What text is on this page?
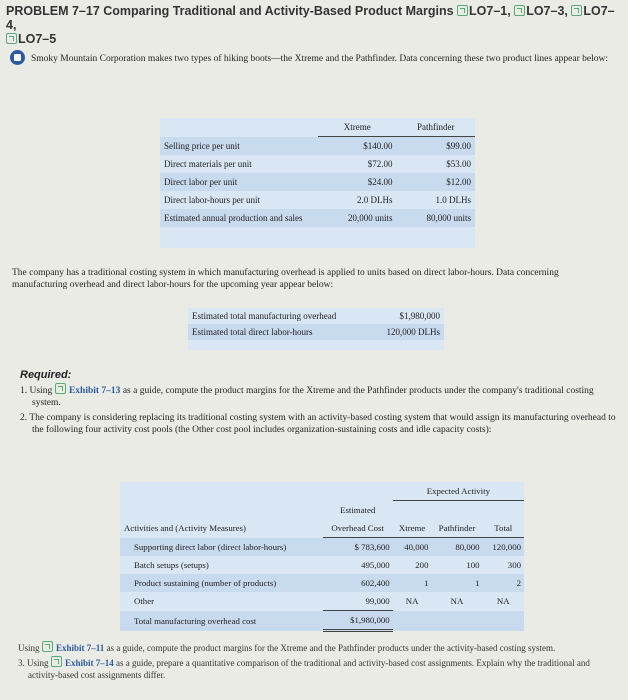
PROBLEM 7–17 Comparing Traditional and Activity-Based Product Margins LO7–1, LO7–3, LO7–4,
LO7–5
Smoky Mountain Corporation makes two types of hiking boots—the Xtreme and the Pathfinder. Data concerning these two product lines appear below:
	Xtreme	Pathfinder
Selling price per unit	$140.00	$99.00
Direct materials per unit	$72.00	$53.00
Direct labor per unit	$24.00	$12.00
Direct labor-hours per unit	2.0 DLHs	1.0 DLHs
Estimated annual production and sales	20,000 units	80,000 units
The company has a traditional costing system in which manufacturing overhead is applied to units based on direct labor-hours. Data concerning manufacturing overhead and direct labor-hours for the upcoming year appear below:
Estimated total manufacturing overhead	$1,980,000
Estimated total direct labor-hours	120,000 DLHs
Required:

1. Using Exhibit 7–13 as a guide, compute the product margins for the Xtreme and the Pathfinder products under the company's traditional costing system.

2. The company is considering replacing its traditional costing system with an activity-based costing system that would assign its manufacturing overhead to the following four activity cost pools (the Other cost pool includes organization-sustaining costs and idle capacity costs):

		Expected Activity		
	Estimated			
Activities and (Activity Measures)	Overhead Cost	Xtreme	Pathfinder	Total
Supporting direct labor (direct labor-hours)	$ 783,600	40,000	80,000	120,000
Batch setups (setups)	495,000	200	100	300
Product sustaining (number of products)	602,400	1	1	2
Other	99,000	NA	NA	NA
Total manufacturing overhead cost	$1,980,000			

Using Exhibit 7–11 as a guide, compute the product margins for the Xtreme and the Pathfinder products under the activity-based costing system.

3. Using Exhibit 7–14 as a guide, prepare a quantitative comparison of the traditional and activity-based cost assignments. Explain why the traditional and activity-based cost assignments differ.
